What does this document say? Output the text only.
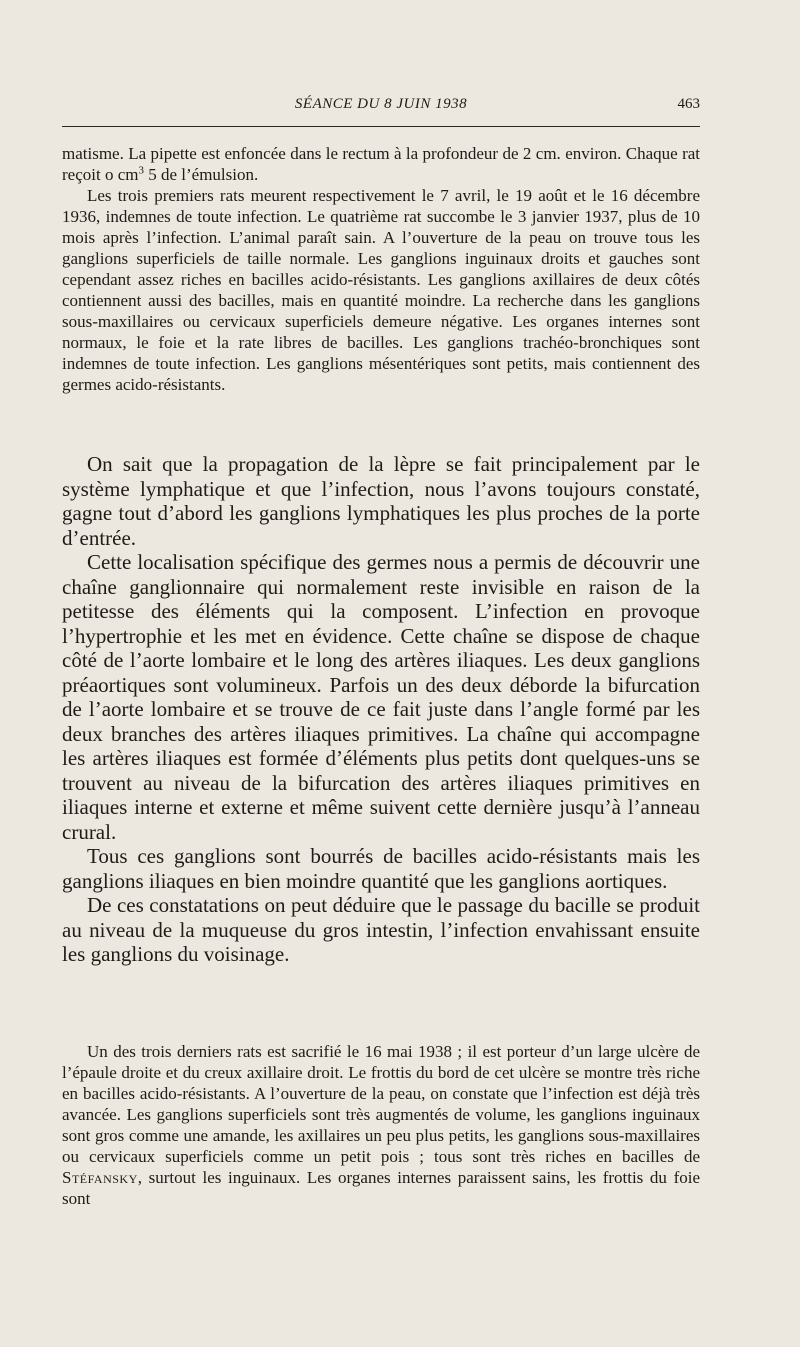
SÉANCE DU 8 JUIN 1938	463

matisme. La pipette est enfoncée dans le rectum à la profondeur de 2 cm. environ. Chaque rat reçoit o $cm^3$ 5 de l’émulsion.

Les trois premiers rats meurent respectivement le 7 avril, le 19 août et le 16 décembre 1936, indemnes de toute infection. Le quatrième rat succombe le 3 janvier 1937, plus de 10 mois après l’infection. L’animal paraît sain. A l’ouverture de la peau on trouve tous les ganglions superficiels de taille normale. Les ganglions inguinaux droits et gauches sont cependant assez riches en bacilles acido-résistants. Les ganglions axillaires de deux côtés contiennent aussi des bacilles, mais en quantité moindre. La recherche dans les ganglions sous-maxillaires ou cervicaux superficiels demeure négative. Les organes internes sont normaux, le foie et la rate libres de bacilles. Les ganglions trachéo-bronchiques sont indemnes de toute infection. Les ganglions mésentériques sont petits, mais contiennent des germes acido-résistants.

On sait que la propagation de la lèpre se fait principalement par le système lymphatique et que l’infection, nous l’avons toujours constaté, gagne tout d’abord les ganglions lymphatiques les plus proches de la porte d’entrée.

Cette localisation spécifique des germes nous a permis de découvrir une chaîne ganglionnaire qui normalement reste invisible en raison de la petitesse des éléments qui la composent. L’infection en provoque l’hypertrophie et les met en évidence. Cette chaîne se dispose de chaque côté de l’aorte lombaire et le long des artères iliaques. Les deux ganglions préaortiques sont volumineux. Parfois un des deux déborde la bifurcation de l’aorte lombaire et se trouve de ce fait juste dans l’angle formé par les deux branches des artères iliaques primitives. La chaîne qui accompagne les artères iliaques est formée d’éléments plus petits dont quelques-uns se trouvent au niveau de la bifurcation des artères iliaques primitives en iliaques interne et externe et même suivent cette dernière jusqu’à l’anneau crural.

Tous ces ganglions sont bourrés de bacilles acido-résistants mais les ganglions iliaques en bien moindre quantité que les ganglions aortiques.

De ces constatations on peut déduire que le passage du bacille se produit au niveau de la muqueuse du gros intestin, l’infection envahissant ensuite les ganglions du voisinage.

Un des trois derniers rats est sacrifié le 16 mai 1938 ; il est porteur d’un large ulcère de l’épaule droite et du creux axillaire droit. Le frottis du bord de cet ulcère se montre très riche en bacilles acido-résistants. A l’ouverture de la peau, on constate que l’infection est déjà très avancée. Les ganglions superficiels sont très augmentés de volume, les ganglions inguinaux sont gros comme une amande, les axillaires un peu plus petits, les ganglions sous-maxillaires ou cervicaux superficiels comme un petit pois ; tous sont très riches en bacilles de Stéfansky, surtout les inguinaux. Les organes internes paraissent sains, les frottis du foie sont
